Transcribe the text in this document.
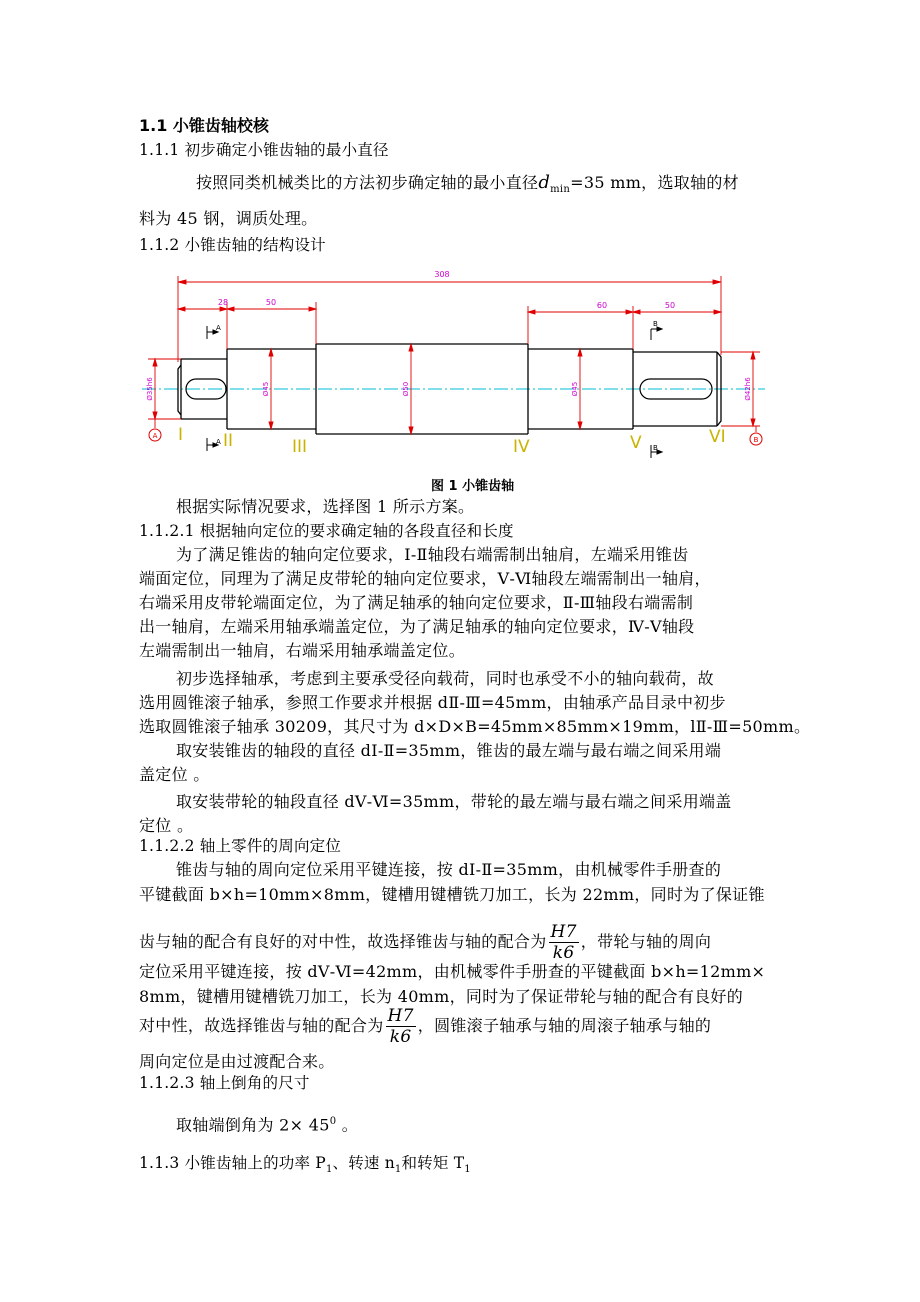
1.1 小锥齿轴校核
1.1.1 初步确定小锥齿轴的最小直径
按照同类机械类比的方法初步确定轴的最小直径$d_{min}=35$ mm，选取轴的材
料为 45 钢，调质处理。
1.1.2 小锥齿轴的结构设计
A
A
B
B
308
28	50	60	50
Ø35h6	Ø45	Ø50	Ø45	Ø42h6
A	B
I II	III	IV	V	VI
图 1 小锥齿轴
根据实际情况要求，选择图 1 所示方案。
1.1.2.1 根据轴向定位的要求确定轴的各段直径和长度
为了满足锥齿的轴向定位要求，Ⅰ-Ⅱ轴段右端需制出轴肩，左端采用锥齿
端面定位，同理为了满足皮带轮的轴向定位要求，Ⅴ-Ⅵ轴段左端需制出一轴肩，
右端采用皮带轮端面定位，为了满足轴承的轴向定位要求，Ⅱ-Ⅲ轴段右端需制
出一轴肩，左端采用轴承端盖定位，为了满足轴承的轴向定位要求，Ⅳ-Ⅴ轴段
左端需制出一轴肩，右端采用轴承端盖定位。
初步选择轴承，考虑到主要承受径向载荷，同时也承受不小的轴向载荷，故
选用圆锥滚子轴承，参照工作要求并根据 dⅡ-Ⅲ=45mm，由轴承产品目录中初步
选取圆锥滚子轴承 30209，其尺寸为 d×D×B=45mm×85mm×19mm，lⅡ-Ⅲ=50mm。
取安装锥齿的轴段的直径 dⅠ-Ⅱ=35mm，锥齿的最左端与最右端之间采用端
盖定位 。
取安装带轮的轴段直径 dⅤ-Ⅵ=35mm，带轮的最左端与最右端之间采用端盖
定位 。
1.1.2.2 轴上零件的周向定位
锥齿与轴的周向定位采用平键连接，按 dⅠ-Ⅱ=35mm，由机械零件手册查的
平键截面 b×h=10mm×8mm，键槽用键槽铣刀加工，长为 22mm，同时为了保证锥
齿与轴的配合有良好的对中性，故选择锥齿与轴的配合为 $\frac{H7}{k6}$ ，带轮与轴的周向
定位采用平键连接，按 dⅤ-Ⅵ=42mm，由机械零件手册查的平键截面 b×h=12mm×
8mm，键槽用键槽铣刀加工，长为 40mm，同时为了保证带轮与轴的配合有良好的
对中性，故选择锥齿与轴的配合为 $\frac{H7}{k6}$ ，圆锥滚子轴承与轴的周滚子轴承与轴的
周向定位是由过渡配合来。
1.1.2.3 轴上倒角的尺寸
取轴端倒角为 $2\times 45^0$ 。
1.1.3 小锥齿轴上的功率 $P_1$、转速 $n_1$和转矩 $T_1$
